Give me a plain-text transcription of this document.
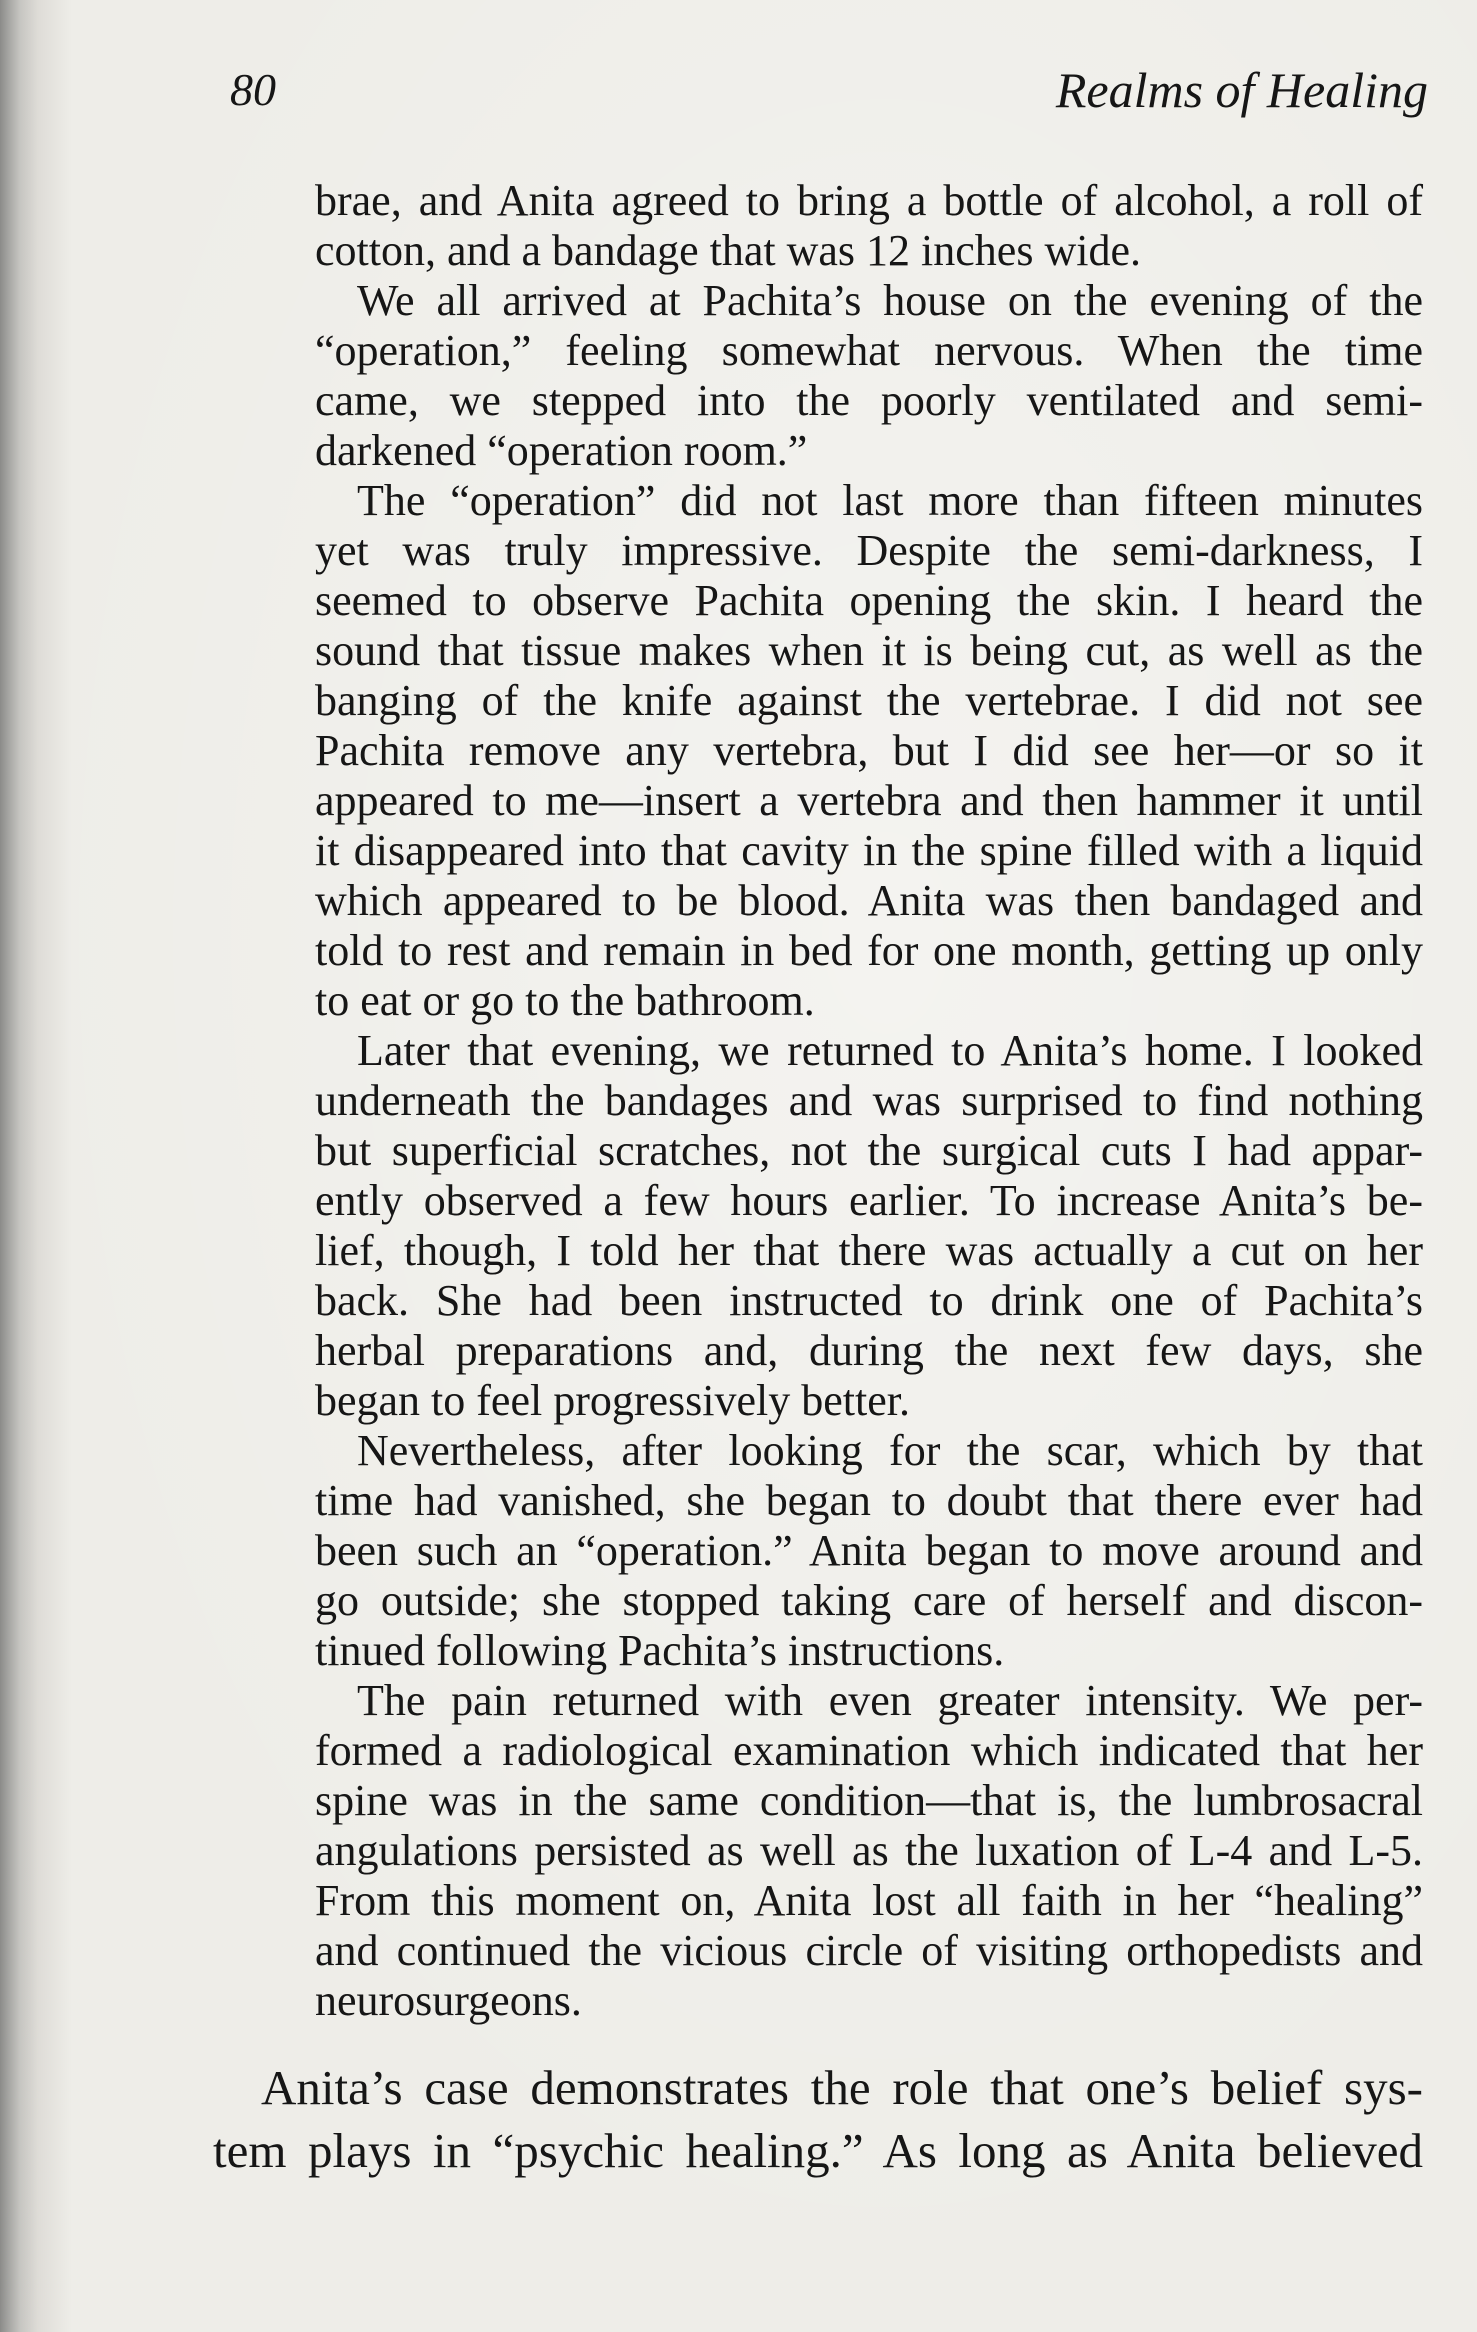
80	Realms of Healing
brae, and Anita agreed to bring a bottle of alcohol, a roll of
cotton, and a bandage that was 12 inches wide.
We all arrived at Pachita’s house on the evening of the
“operation,” feeling somewhat nervous. When the time
came, we stepped into the poorly ventilated and semi-
darkened “operation room.”
The “operation” did not last more than fifteen minutes
yet was truly impressive. Despite the semi-darkness, I
seemed to observe Pachita opening the skin. I heard the
sound that tissue makes when it is being cut, as well as the
banging of the knife against the vertebrae. I did not see
Pachita remove any vertebra, but I did see her—or so it
appeared to me—insert a vertebra and then hammer it until
it disappeared into that cavity in the spine filled with a liquid
which appeared to be blood. Anita was then bandaged and
told to rest and remain in bed for one month, getting up only
to eat or go to the bathroom.
Later that evening, we returned to Anita’s home. I looked
underneath the bandages and was surprised to find nothing
but superficial scratches, not the surgical cuts I had appar-
ently observed a few hours earlier. To increase Anita’s be-
lief, though, I told her that there was actually a cut on her
back. She had been instructed to drink one of Pachita’s
herbal preparations and, during the next few days, she
began to feel progressively better.
Nevertheless, after looking for the scar, which by that
time had vanished, she began to doubt that there ever had
been such an “operation.” Anita began to move around and
go outside; she stopped taking care of herself and discon-
tinued following Pachita’s instructions.
The pain returned with even greater intensity. We per-
formed a radiological examination which indicated that her
spine was in the same condition—that is, the lumbrosacral
angulations persisted as well as the luxation of L-4 and L-5.
From this moment on, Anita lost all faith in her “healing”
and continued the vicious circle of visiting orthopedists and
neurosurgeons.
Anita’s case demonstrates the role that one’s belief sys-
tem plays in “psychic healing.” As long as Anita believed
